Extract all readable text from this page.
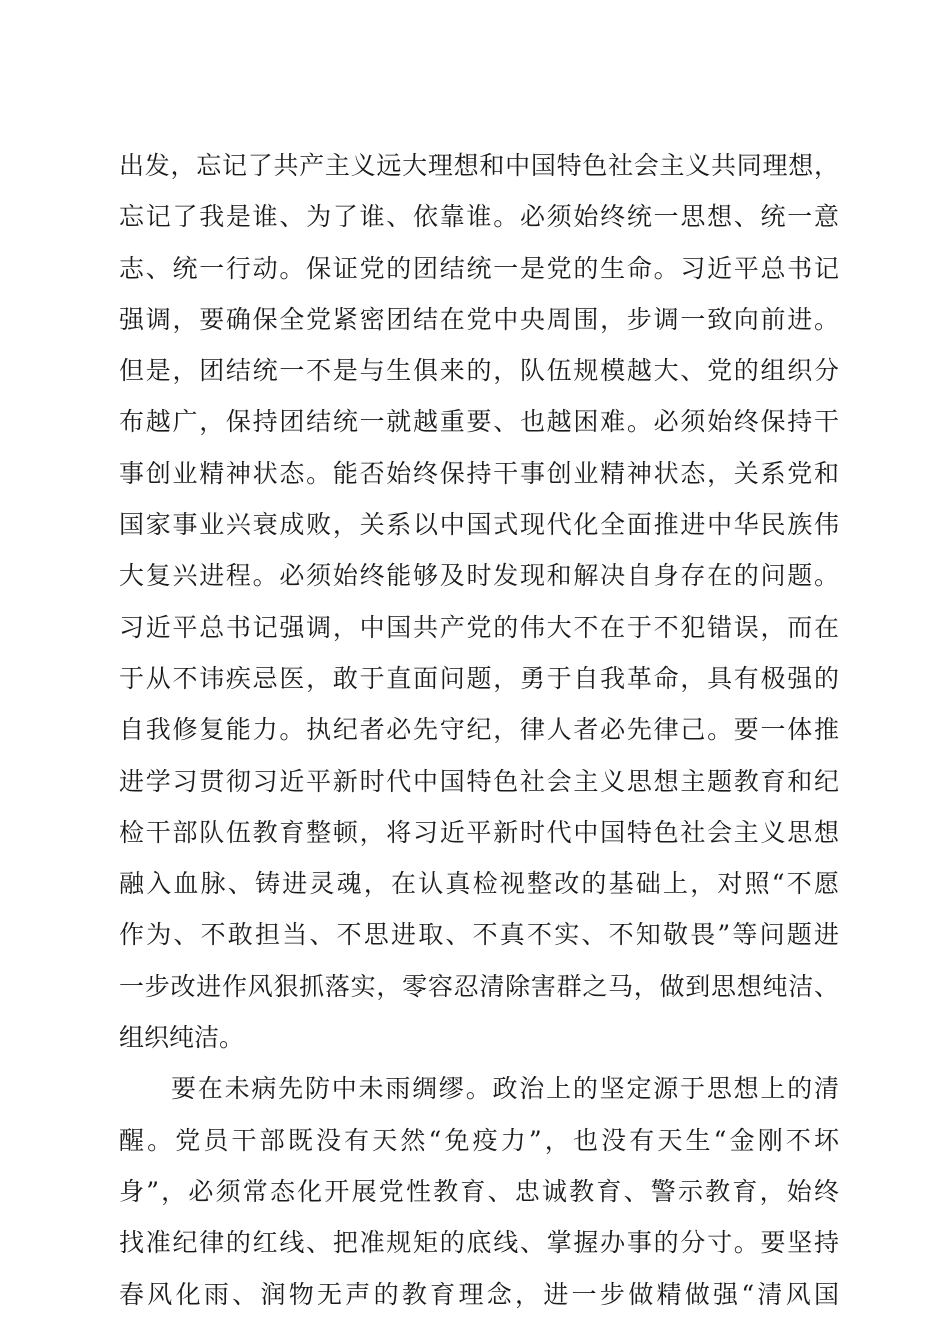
出发，忘记了共产主义远大理想和中国特色社会主义共同理想，
忘记了我是谁、为了谁、依靠谁。必须始终统一思想、统一意
志、统一行动。保证党的团结统一是党的生命。习近平总书记
强调，要确保全党紧密团结在党中央周围，步调一致向前进。
但是，团结统一不是与生俱来的，队伍规模越大、党的组织分
布越广，保持团结统一就越重要、也越困难。必须始终保持干
事创业精神状态。能否始终保持干事创业精神状态，关系党和
国家事业兴衰成败，关系以中国式现代化全面推进中华民族伟
大复兴进程。必须始终能够及时发现和解决自身存在的问题。
习近平总书记强调，中国共产党的伟大不在于不犯错误，而在
于从不讳疾忌医，敢于直面问题，勇于自我革命，具有极强的
自我修复能力。执纪者必先守纪，律人者必先律己。要一体推
进学习贯彻习近平新时代中国特色社会主义思想主题教育和纪
检干部队伍教育整顿，将习近平新时代中国特色社会主义思想
融入血脉、铸进灵魂，在认真检视整改的基础上，对照“不愿
作为、不敢担当、不思进取、不真不实、不知敬畏”等问题进
一步改进作风狠抓落实，零容忍清除害群之马，做到思想纯洁、
组织纯洁。
要在未病先防中未雨绸缪。政治上的坚定源于思想上的清
醒。党员干部既没有天然“免疫力”，也没有天生“金刚不坏
身”，必须常态化开展党性教育、忠诚教育、警示教育，始终
找准纪律的红线、把准规矩的底线、掌握办事的分寸。要坚持
春风化雨、润物无声的教育理念，进一步做精做强“清风国
